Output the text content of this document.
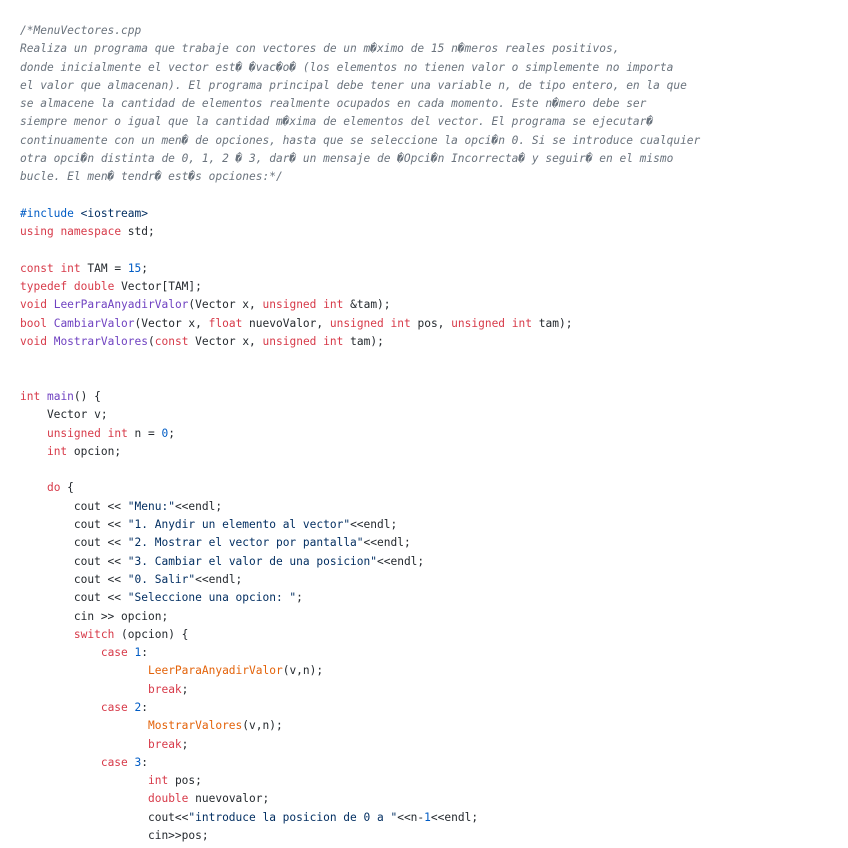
/*MenuVectores.cpp
Realiza un programa que trabaje con vectores de un m�ximo de 15 n�meros reales positivos,
donde inicialmente el vector est� �vac�o� (los elementos no tienen valor o simplemente no importa
el valor que almacenan). El programa principal debe tener una variable n, de tipo entero, en la que
se almacene la cantidad de elementos realmente ocupados en cada momento. Este n�mero debe ser
siempre menor o igual que la cantidad m�xima de elementos del vector. El programa se ejecutar�
continuamente con un men� de opciones, hasta que se seleccione la opci�n 0. Si se introduce cualquier
otra opci�n distinta de 0, 1, 2 � 3, dar� un mensaje de �Opci�n Incorrecta� y seguir� en el mismo
bucle. El men� tendr� est�s opciones:*/
#include <iostream>
using namespace std;
const int TAM = 15;
typedef double Vector[TAM];
void LeerParaAnyadirValor(Vector x, unsigned int &tam);
bool CambiarValor(Vector x, float nuevoValor, unsigned int pos, unsigned int tam);
void MostrarValores(const Vector x, unsigned int tam);
int main() {
Vector v;
unsigned int n = 0;
int opcion;
do {
cout << "Menu:"<<endl;
cout << "1. Anydir un elemento al vector"<<endl;
cout << "2. Mostrar el vector por pantalla"<<endl;
cout << "3. Cambiar el valor de una posicion"<<endl;
cout << "0. Salir"<<endl;
cout << "Seleccione una opcion: ";
cin >> opcion;
switch (opcion) {
case 1:
LeerParaAnyadirValor(v,n);
break;
case 2:
MostrarValores(v,n);
break;
case 3:
int pos;
double nuevovalor;
cout<<"introduce la posicion de 0 a "<<n-1<<endl;
cin>>pos;
